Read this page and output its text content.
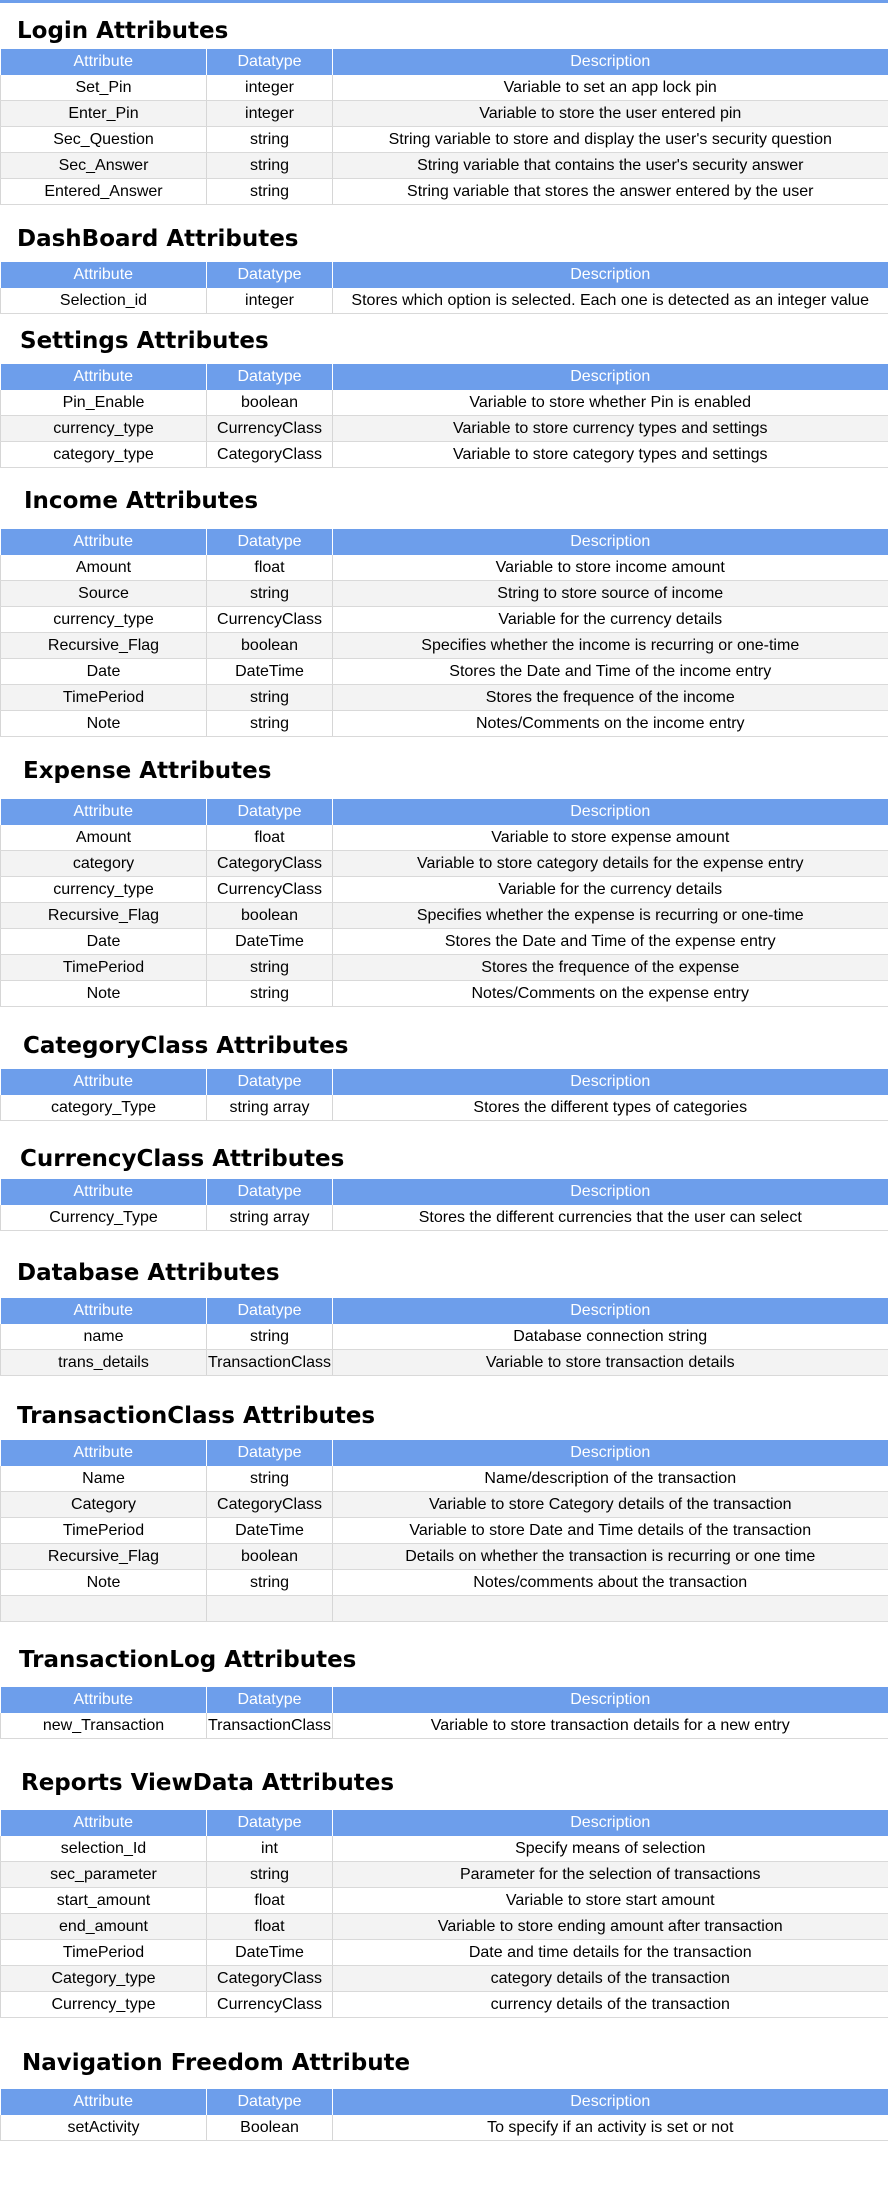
Login Attributes
Attribute	Datatype	Description
Set_Pin	integer	Variable to set an app lock pin
Enter_Pin	integer	Variable to store the user entered pin
Sec_Question	string	String variable to store and display the user's security question
Sec_Answer	string	String variable that contains the user's security answer
Entered_Answer	string	String variable that stores the answer entered by the user
DashBoard Attributes
Attribute	Datatype	Description
Selection_id	integer	Stores which option is selected. Each one is detected as an integer value
Settings Attributes
Attribute	Datatype	Description
Pin_Enable	boolean	Variable to store whether Pin is enabled
currency_type	CurrencyClass	Variable to store currency types and settings
category_type	CategoryClass	Variable to store category types and settings
Income Attributes
Attribute	Datatype	Description
Amount	float	Variable to store income amount
Source	string	String to store source of income
currency_type	CurrencyClass	Variable for the currency details
Recursive_Flag	boolean	Specifies whether the income is recurring or one-time
Date	DateTime	Stores the Date and Time of the income entry
TimePeriod	string	Stores the frequence of the income
Note	string	Notes/Comments on the income entry
Expense Attributes
Attribute	Datatype	Description
Amount	float	Variable to store expense amount
category	CategoryClass	Variable to store category details for the expense entry
currency_type	CurrencyClass	Variable for the currency details
Recursive_Flag	boolean	Specifies whether the expense is recurring or one-time
Date	DateTime	Stores the Date and Time of the expense entry
TimePeriod	string	Stores the frequence of the expense
Note	string	Notes/Comments on the expense entry
CategoryClass Attributes
Attribute	Datatype	Description
category_Type	string array	Stores the different types of categories
CurrencyClass Attributes
Attribute	Datatype	Description
Currency_Type	string array	Stores the different currencies that the user can select
Database Attributes
Attribute	Datatype	Description
name	string	Database connection string
trans_details	TransactionClass	Variable to store transaction details
TransactionClass Attributes
Attribute	Datatype	Description
Name	string	Name/description of the transaction
Category	CategoryClass	Variable to store Category details of the transaction
TimePeriod	DateTime	Variable to store Date and Time details of the transaction
Recursive_Flag	boolean	Details on whether the transaction is recurring or one time
Note	string	Notes/comments about the transaction

TransactionLog Attributes
Attribute	Datatype	Description
new_Transaction	TransactionClass	Variable to store transaction details for a new entry
Reports ViewData Attributes
Attribute	Datatype	Description
selection_Id	int	Specify means of selection
sec_parameter	string	Parameter for the selection of transactions
start_amount	float	Variable to store start amount
end_amount	float	Variable to store ending amount after transaction
TimePeriod	DateTime	Date and time details for the transaction
Category_type	CategoryClass	category details of the transaction
Currency_type	CurrencyClass	currency details of the transaction
Navigation Freedom Attribute
Attribute	Datatype	Description
setActivity	Boolean	To specify if an activity is set or not
